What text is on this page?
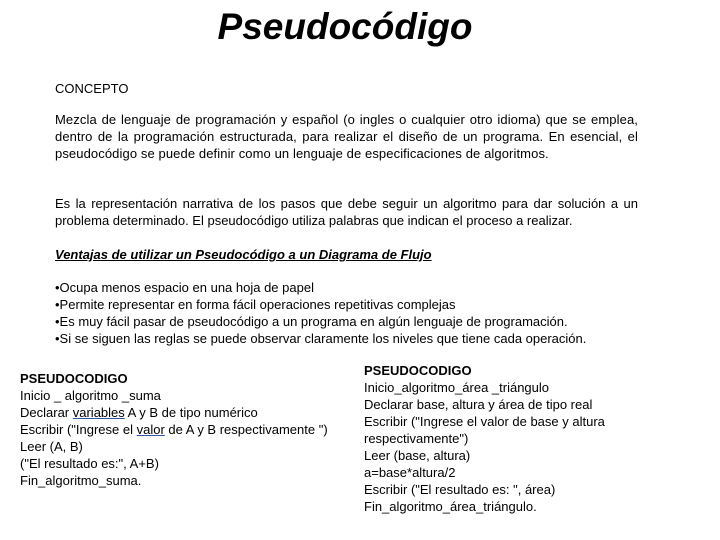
Pseudocódigo
CONCEPTO
Mezcla de lenguaje de programación y español (o ingles o cualquier otro idioma) que se emplea, dentro de la programación estructurada, para realizar el diseño de un programa. En esencial, el pseudocódigo se puede definir como un lenguaje de especificaciones de algoritmos.
Es la representación narrativa de los pasos que debe seguir un algoritmo para dar solución a un problema determinado. El pseudocódigo utiliza palabras que indican el proceso a realizar.
Ventajas de utilizar un Pseudocódigo a un Diagrama de Flujo
•Ocupa menos espacio en una hoja de papel
•Permite representar en forma fácil operaciones repetitivas complejas
•Es muy fácil pasar de pseudocódigo a un programa en algún lenguaje de programación.
•Si se siguen las reglas se puede observar claramente los niveles que tiene cada operación.
PSEUDOCODIGO
Inicio _ algoritmo _suma
Declarar variables A y B de tipo numérico
Escribir ("Ingrese el valor de A y B respectivamente ")
Leer (A, B)
("El resultado es:", A+B)
Fin_algoritmo_suma.
PSEUDOCODIGO
Inicio_algoritmo_área _triángulo
Declarar base, altura y área de tipo real
Escribir ("Ingrese el valor de base y altura respectivamente")
Leer (base, altura)
a=base*altura/2
Escribir ("El resultado es: ", área)
Fin_algoritmo_área_triángulo.
